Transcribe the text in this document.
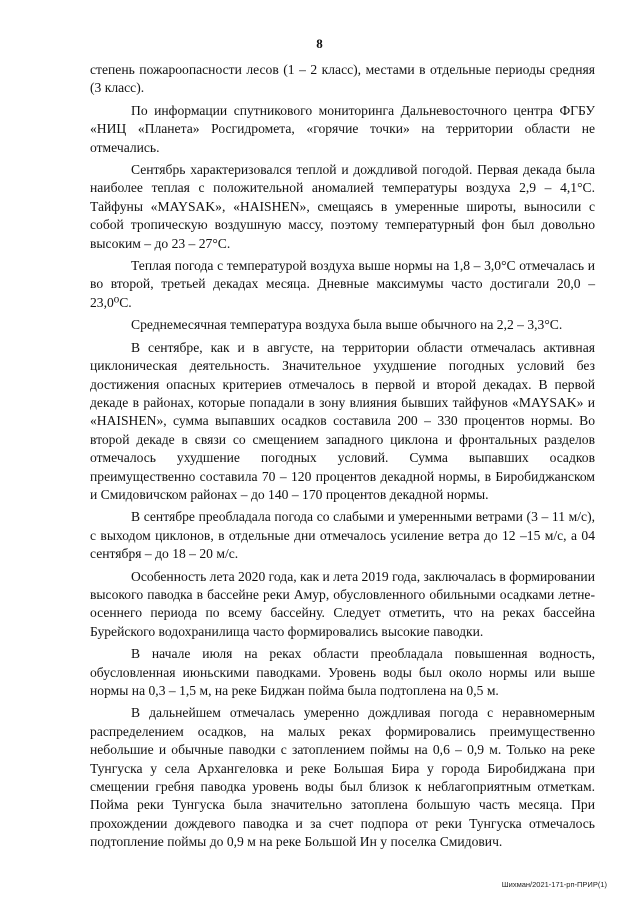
8

степень пожароопасности лесов (1 – 2 класс), местами в отдельные периоды средняя (3 класс).

По информации спутникового мониторинга Дальневосточного центра ФГБУ «НИЦ «Планета» Росгидромета, «горячие точки» на территории области не отмечались.

Сентябрь характеризовался теплой и дождливой погодой. Первая декада была наиболее теплая с положительной аномалией температуры воздуха 2,9 – 4,1°С. Тайфуны «MAYSAK», «HAISHEN», смещаясь в умеренные широты, выносили с собой тропическую воздушную массу, поэтому температурный фон был довольно высоким – до 23 – 27°С.

Теплая погода с температурой воздуха выше нормы на 1,8 – 3,0°С отмечалась и во второй, третьей декадах месяца. Дневные максимумы часто достигали 20,0 – 23,0⁰С.

Среднемесячная температура воздуха была выше обычного на 2,2 – 3,3°С.

В сентябре, как и в августе, на территории области отмечалась активная циклоническая деятельность. Значительное ухудшение погодных условий без достижения опасных критериев отмечалось в первой и второй декадах. В первой декаде в районах, которые попадали в зону влияния бывших тайфунов «MAYSAK» и «HAISHEN», сумма выпавших осадков составила 200 – 330 процентов нормы. Во второй декаде в связи со смещением западного циклона и фронтальных разделов отмечалось ухудшение погодных условий. Сумма выпавших осадков преимущественно составила 70 – 120 процентов декадной нормы, в Биробиджанском и Смидовичском районах – до 140 – 170 процентов декадной нормы.

В сентябре преобладала погода со слабыми и умеренными ветрами (3 – 11 м/с), с выходом циклонов, в отдельные дни отмечалось усиление ветра до 12 –15 м/с, а 04 сентября – до 18 – 20 м/с.

Особенность лета 2020 года, как и лета 2019 года, заключалась в формировании высокого паводка в бассейне реки Амур, обусловленного обильными осадками летне-осеннего периода по всему бассейну. Следует отметить, что на реках бассейна Бурейского водохранилища часто формировались высокие паводки.

В начале июля на реках области преобладала повышенная водность, обусловленная июньскими паводками. Уровень воды был около нормы или выше нормы на 0,3 – 1,5 м, на реке Биджан пойма была подтоплена на 0,5 м.

В дальнейшем отмечалась умеренно дождливая погода с неравномерным распределением осадков, на малых реках формировались преимущественно небольшие и обычные паводки с затоплением поймы на 0,6 – 0,9 м. Только на реке Тунгуска у села Архангеловка и реке Большая Бира у города Биробиджана при смещении гребня паводка уровень воды был близок к неблагоприятным отметкам. Пойма реки Тунгуска была значительно затоплена большую часть месяца. При прохождении дождевого паводка и за счет подпора от реки Тунгуска отмечалось подтопление поймы до 0,9 м на реке Большой Ин у поселка Смидович.

Шихман/2021-171-рп-ПРИР(1)
